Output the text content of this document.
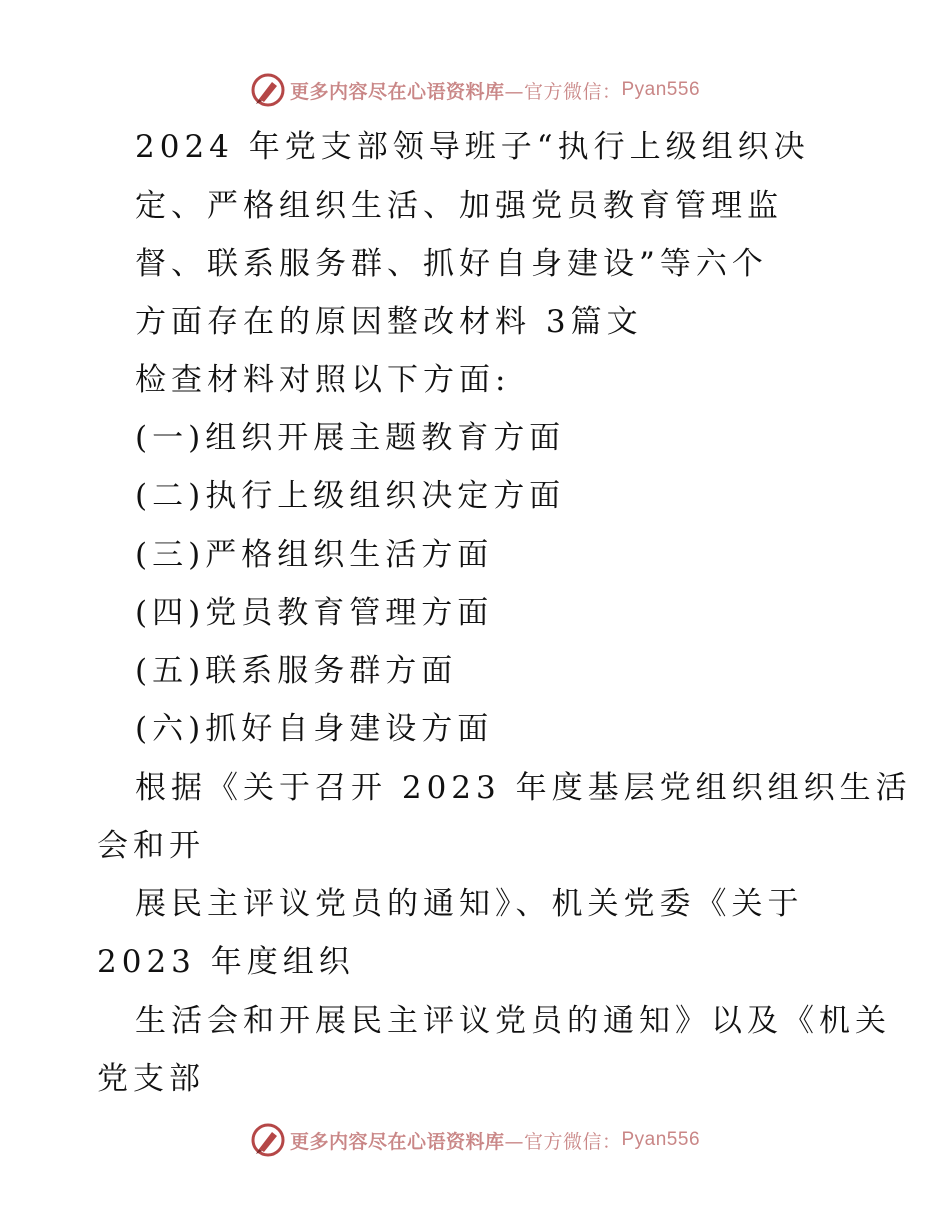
更多内容尽在心语资料库 —官方微信： Pyan556
2024 年党支部领导班子“执行上级组织决
定、严格组织生活、加强党员教育管理监
督、联系服务群、抓好自身建设”等六个
方面存在的原因整改材料 3篇文
检查材料对照以下方面:
(一)组织开展主题教育方面
(二)执行上级组织决定方面
(三)严格组织生活方面
(四)党员教育管理方面
(五)联系服务群方面
(六)抓好自身建设方面
根据《关于召开 2023 年度基层党组织组织生活
会和开
展民主评议党员的通知》、机关党委《关于
2023 年度组织
生活会和开展民主评议党员的通知》以及《机关
党支部
更多内容尽在心语资料库 —官方微信： Pyan556
